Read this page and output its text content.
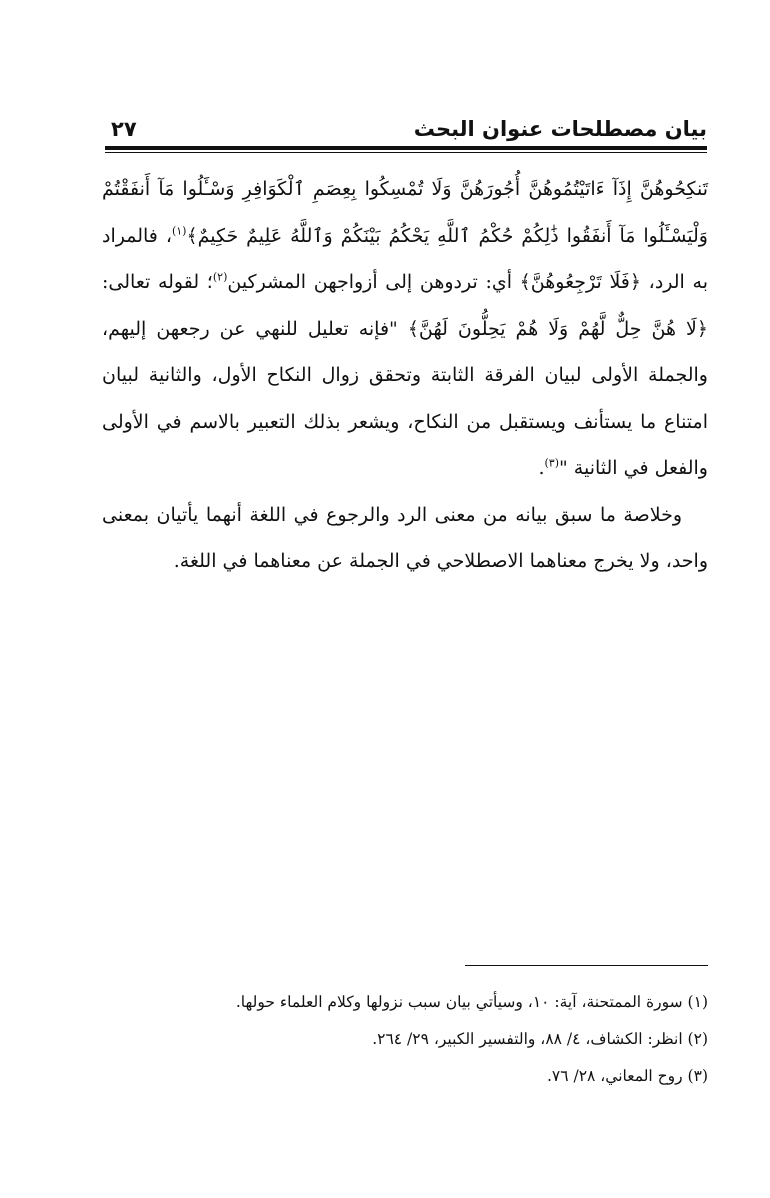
بيان مصطلحات عنوان البحث
٢٧

تَنكِحُوهُنَّ إِذَآ ءَاتَيْتُمُوهُنَّ أُجُورَهُنَّ وَلَا تُمْسِكُوا بِعِصَمِ ٱلْكَوَافِرِ وَسْـَٔلُوا مَآ أَنفَقْتُمْ وَلْيَسْـَٔلُوا مَآ أَنفَقُوا ذَٰلِكُمْ حُكْمُ ٱللَّهِ يَحْكُمُ بَيْنَكُمْ وَٱللَّهُ عَلِيمٌ حَكِيمٌ﴾$^{(١)}$، فالمراد به الرد، ﴿فَلَا تَرْجِعُوهُنَّ﴾ أي: تردوهن إلى أزواجهن المشركين$^{(٢)}$؛ لقوله تعالى: ﴿لَا هُنَّ حِلٌّ لَّهُمْ وَلَا هُمْ يَحِلُّونَ لَهُنَّ﴾ "فإنه تعليل للنهي عن رجعهن إليهم، والجملة الأولى لبيان الفرقة الثابتة وتحقق زوال النكاح الأول، والثانية لبيان امتناع ما يستأنف ويستقبل من النكاح، ويشعر بذلك التعبير بالاسم في الأولى والفعل في الثانية "$^{(٣)}$.

وخلاصة ما سبق بيانه من معنى الرد والرجوع في اللغة أنهما يأتيان بمعنى واحد، ولا يخرج معناهما الاصطلاحي في الجملة عن معناهما في اللغة.

(١) سورة الممتحنة، آية: ١٠، وسيأتي بيان سبب نزولها وكلام العلماء حولها.

(٢) انظر: الكشاف، ٤/ ٨٨، والتفسير الكبير، ٢٩/ ٢٦٤.

(٣) روح المعاني، ٢٨/ ٧٦.
